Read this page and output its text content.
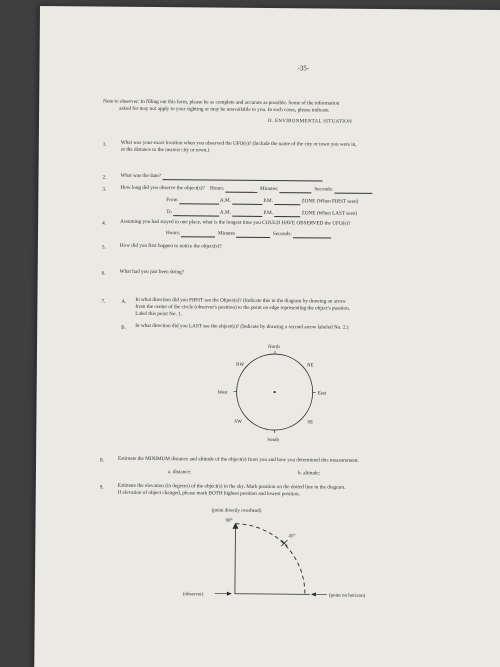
-35-
Note to observer: In filling out this form, please be as complete and accurate as possible. Some of the information
asked for may not apply to your sighting or may be unavailable to you. In such cases, please indicate.
II. ENVIRONMENTAL SITUATION
1.	What was your exact location when you observed the UFO(s)? (Include the name of the city or town you were in,
or the distance to the nearest city or town.)
2.	What was the date?
3.	How long did you observe the object(s)? Hours:	Minutes:	Seconds:
From	A.M.	P.M.	ZONE (When FIRST seen)
To	A.M.	P.M.	ZONE (When LAST seen)
4.	Assuming you had stayed in one place, what is the longest time you COULD HAVE OBSERVED the UFO(s)?
Hours:	Minutes	Seconds:
5.	How did you first happen to notice the object(s)?
6.	What had you just been doing?
7.	A. In what direction did you FIRST see the Object(s)? (Indicate this in the diagram by drawing an arrow
from the center of the circle (observer's position) to the point on edge representing the object's position.
Label this point No. 1.
B. In what direction did you LAST see the object(s)? (Indicate by drawing a second arrow labeled No. 2.)
North
South
West	East
NW	NE
SW	SE
8.	Estimate the MINIMUM distance and altitude of the object(s) from you and how you determined this measurement.
a. distance:	b. altitude:
9.	Estimate the elevation (in degrees) of the object(s) in the sky. Mark position on the dotted line in the diagram.
If elevation of object changed, please mark BOTH highest position and lowest position.
(point directly overhead)
90°
45°
(observer)	(point on horizon)
